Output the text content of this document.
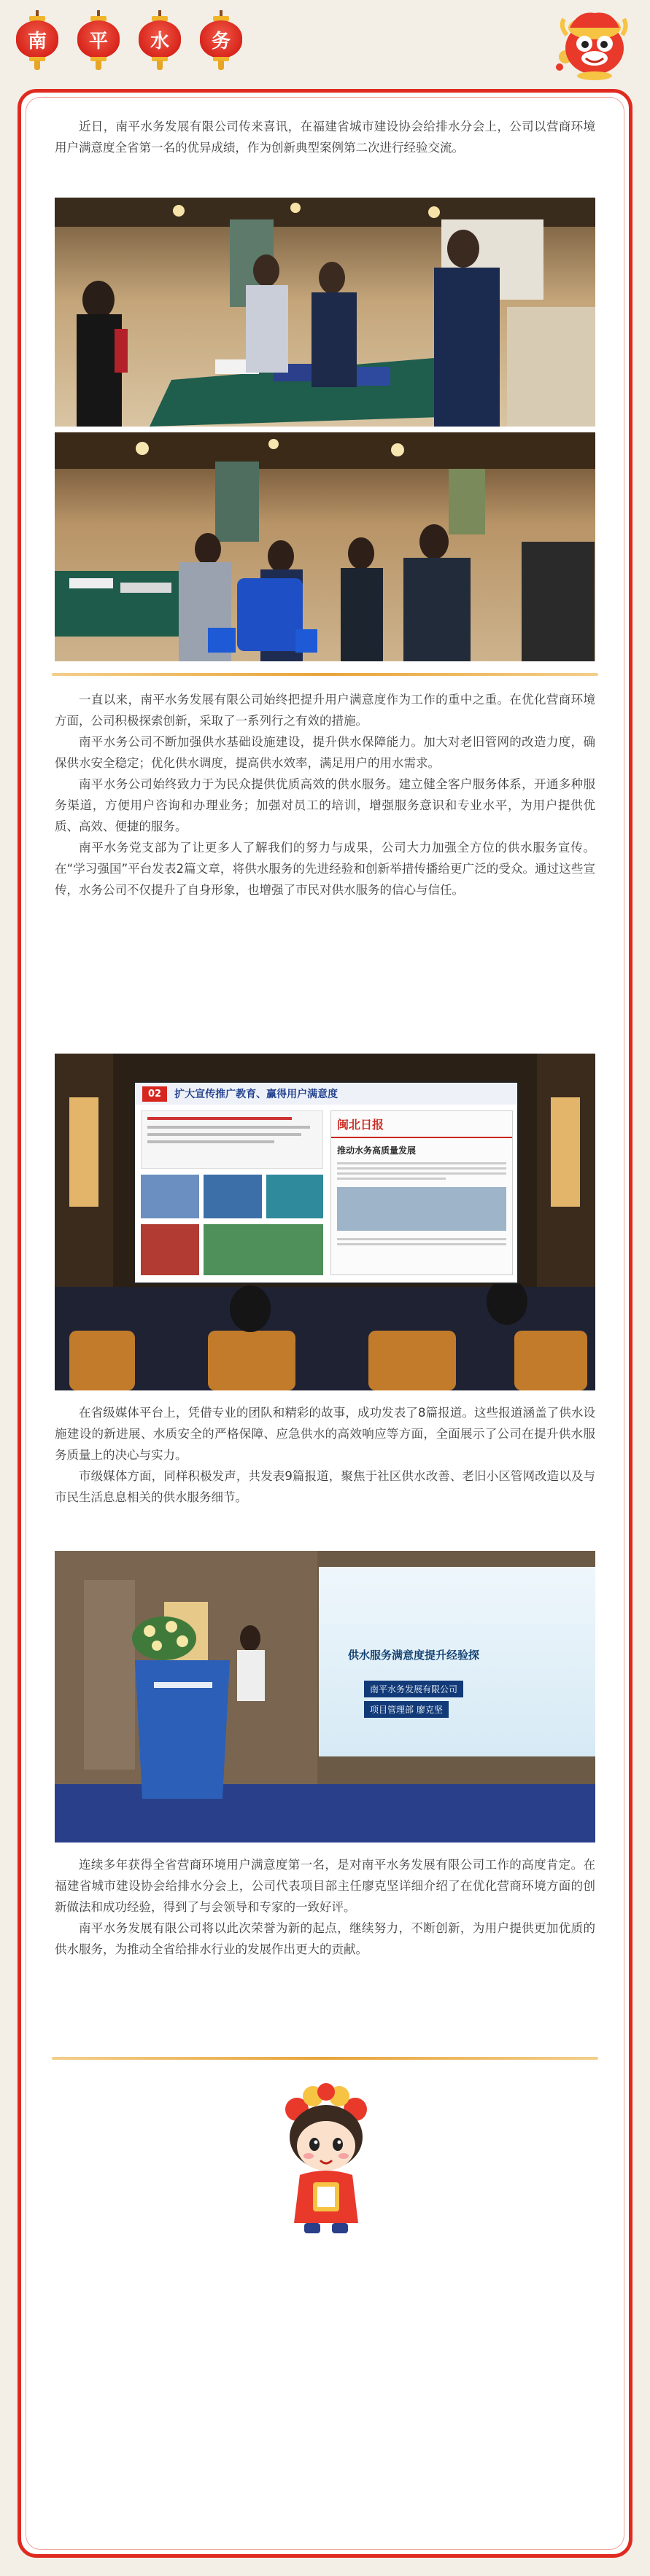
南	平	水	务

近日，南平水务发展有限公司传来喜讯，在福建省城市建设协会给排水分会上，公司以营商环境用户满意度全省第一名的优异成绩，作为创新典型案例第二次进行经验交流。

一直以来，南平水务发展有限公司始终把提升用户满意度作为工作的重中之重。在优化营商环境方面，公司积极探索创新，采取了一系列行之有效的措施。

南平水务公司不断加强供水基础设施建设，提升供水保障能力。加大对老旧管网的改造力度，确保供水安全稳定；优化供水调度，提高供水效率，满足用户的用水需求。

南平水务公司始终致力于为民众提供优质高效的供水服务。建立健全客户服务体系，开通多种服务渠道，方便用户咨询和办理业务；加强对员工的培训，增强服务意识和专业水平，为用户提供优质、高效、便捷的服务。

南平水务党支部为了让更多人了解我们的努力与成果，公司大力加强全方位的供水服务宣传。在“学习强国”平台发表2篇文章，将供水服务的先进经验和创新举措传播给更广泛的受众。通过这些宣传，水务公司不仅提升了自身形象，也增强了市民对供水服务的信心与信任。

02	扩大宣传推广教育、赢得用户满意度
闽北日报
推动水务高质量发展

在省级媒体平台上，凭借专业的团队和精彩的故事，成功发表了8篇报道。这些报道涵盖了供水设施建设的新进展、水质安全的严格保障、应急供水的高效响应等方面，全面展示了公司在提升供水服务质量上的决心与实力。

市级媒体方面，同样积极发声，共发表9篇报道，聚焦于社区供水改善、老旧小区管网改造以及与市民生活息息相关的供水服务细节。

供水服务满意度提升经验探
南平水务发展有限公司
项目管理部 廖克坚

连续多年获得全省营商环境用户满意度第一名，是对南平水务发展有限公司工作的高度肯定。在福建省城市建设协会给排水分会上，公司代表项目部主任廖克坚详细介绍了在优化营商环境方面的创新做法和成功经验，得到了与会领导和专家的一致好评。

南平水务发展有限公司将以此次荣誉为新的起点，继续努力，不断创新，为用户提供更加优质的供水服务，为推动全省给排水行业的发展作出更大的贡献。
